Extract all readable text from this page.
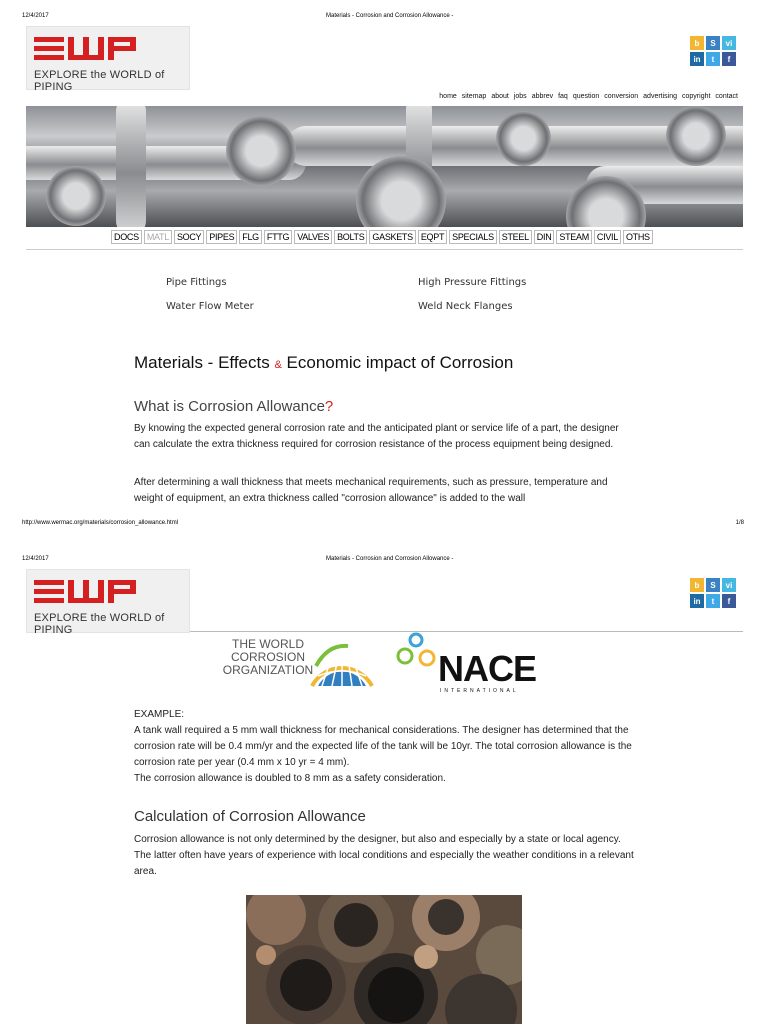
12/4/2017	Materials - Corrosion and Corrosion Allowance -
EXPLORE the WORLD of PIPING
b	S	vi
in	t	f
home sitemap about jobs abbrev faq question conversion advertising copyright contact
DOCS MATL SOCY PIPES FLG FTTG VALVES BOLTS GASKETS EQPT SPECIALS STEEL DIN STEAM CIVIL OTHS
Pipe Fittings	High Pressure Fittings
Water Flow Meter	Weld Neck Flanges
Materials - Effects & Economic impact of Corrosion
What is Corrosion Allowance?
By knowing the expected general corrosion rate and the anticipated plant or service life of a part, the designer can calculate the extra thickness required for corrosion resistance of the process equipment being designed.
After determining a wall thickness that meets mechanical requirements, such as pressure, temperature and weight of equipment, an extra thickness called "corrosion allowance" is added to the wall
http://www.wermac.org/materials/corrosion_allowance.html	1/8
12/4/2017	Materials - Corrosion and Corrosion Allowance -
EXPLORE the WORLD of PIPING
b	S	vi
in	t	f
THE WORLD
CORROSION
ORGANIZATION	NACE
INTERNATIONAL
EXAMPLE:
A tank wall required a 5 mm wall thickness for mechanical considerations. The designer has determined that the corrosion rate will be 0.4 mm/yr and the expected life of the tank will be 10yr. The total corrosion allowance is the corrosion rate per year (0.4 mm x 10 yr = 4 mm).
The corrosion allowance is doubled to 8 mm as a safety consideration.
Calculation of Corrosion Allowance
Corrosion allowance is not only determined by the designer, but also and especially by a state or local agency. The latter often have years of experience with local conditions and especially the weather conditions in a relevant area.
